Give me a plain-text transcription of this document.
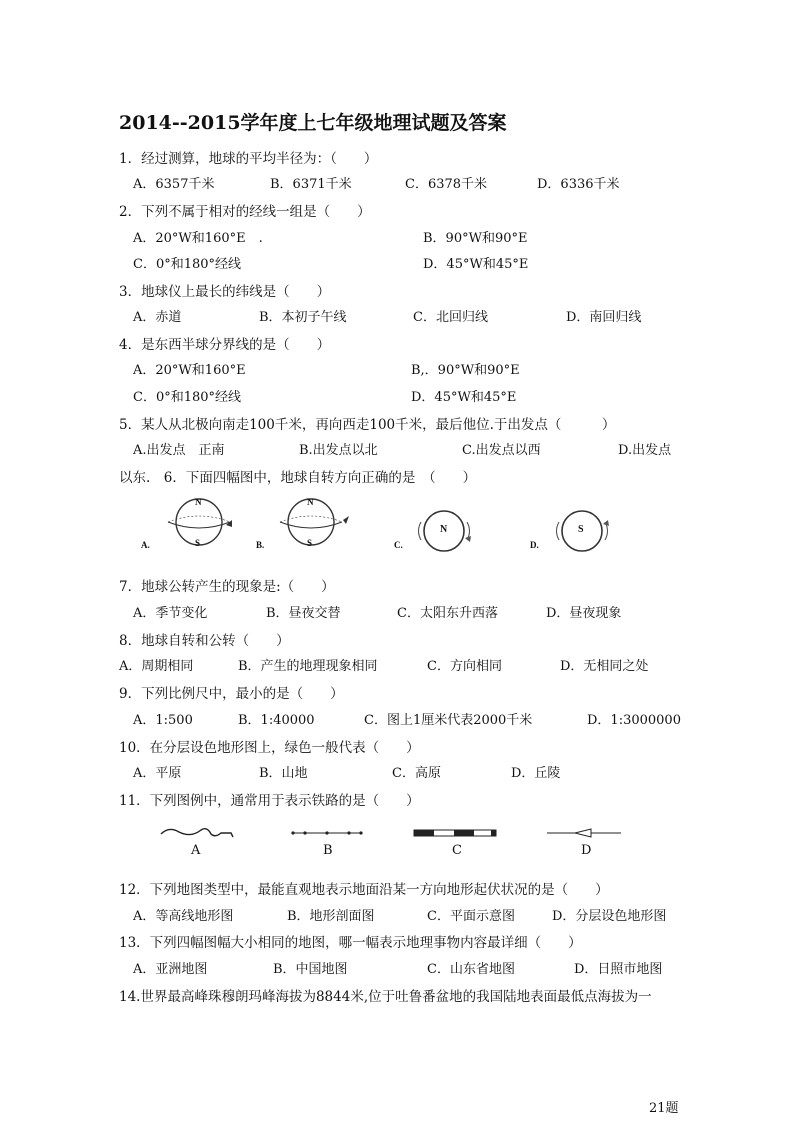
2014--2015学年度上七年级地理试题及答案
1．经过测算，地球的平均半径为：（　　）
A．6357千米	B．6371千米	C．6378千米	D．6336千米
2．下列不属于相对的经线一组是（　　）
A．20°W和160°E　.	B．90°W和90°E
C．0°和180°经线	D．45°W和45°E
3．地球仪上最长的纬线是（　　）
A．赤道	B．本初子午线	C．北回归线	D．南回归线
4．是东西半球分界线的是（　　）
A．20°W和160°E	B,．90°W和90°E
C．0°和180°经线	D．45°W和45°E
5．某人从北极向南走100千米，再向西走100千米，最后他位.于出发点（　　　）
A.出发点　正南	B.出发点以北	C.出发点以西	D.出发点
以东.　6．下面四幅图中，地球自转方向正确的是　（　　）
N
S
N
S
N	S
A.	B.	C.	D.
7．地球公转产生的现象是:（　　）
A．季节变化	B．昼夜交替	C．太阳东升西落	D．昼夜现象
8．地球自转和公转（　　）
A．周期相同	B．产生的地理现象相同	C．方向相同	D．无相同之处
9．下列比例尺中，最小的是（　　）
A．1:500	B．1:40000	C．图上1厘米代表2000千米	D．1:3000000
10．在分层设色地形图上，绿色一般代表（　　）
A．平原	B．山地	C．高原	D．丘陵
11．下列图例中，通常用于表示铁路的是（　　）
A	B	C	D
12．下列地图类型中，最能直观地表示地面沿某一方向地形起伏状况的是（　　）
A．等高线地形图	B．地形剖面图	C．平面示意图	D．分层设色地形图
13．下列四幅图幅大小相同的地图，哪一幅表示地理事物内容最详细（　　）
A．亚洲地图	B．中国地图	C．山东省地图	D．日照市地图
14.世界最高峰珠穆朗玛峰海拔为8844米,位于吐鲁番盆地的我国陆地表面最低点海拔为一
21题
